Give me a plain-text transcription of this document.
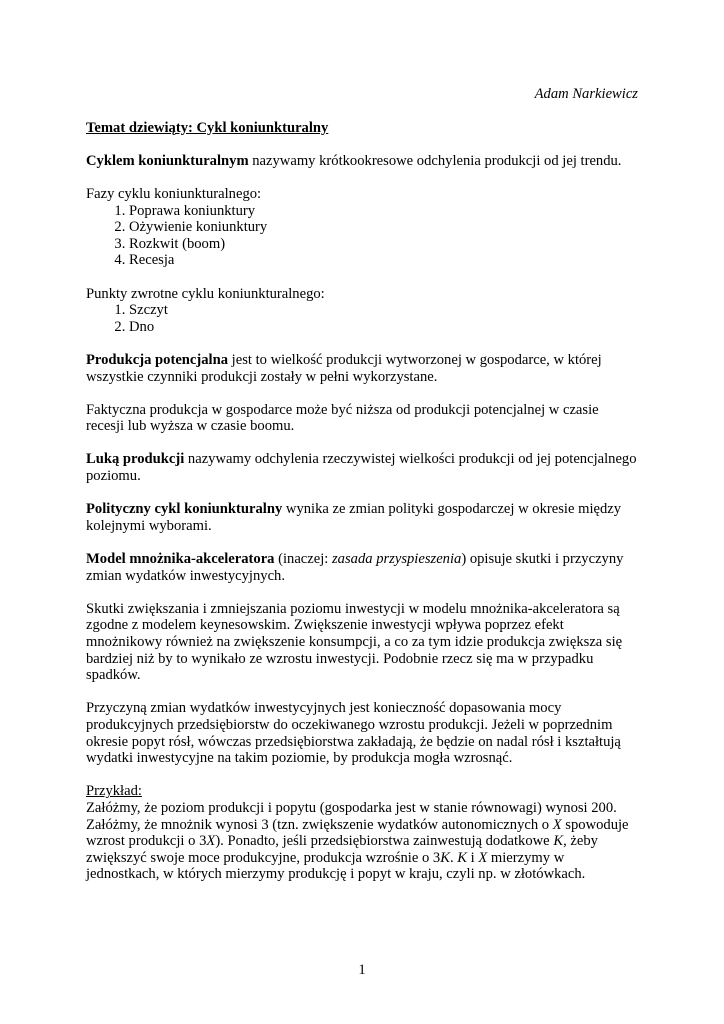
Adam Narkiewicz

Temat dziewiąty: Cykl koniunkturalny

Cyklem koniunkturalnym nazywamy krótkookresowe odchylenia produkcji od jej trendu.

Fazy cyklu koniunkturalnego:
1. Poprawa koniunktury
2. Ożywienie koniunktury
3. Rozkwit (boom)
4. Recesja
Punkty zwrotne cyklu koniunkturalnego:
1. Szczyt
2. Dno

Produkcja potencjalna jest to wielkość produkcji wytworzonej w gospodarce, w której wszystkie czynniki produkcji zostały w pełni wykorzystane.

Faktyczna produkcja w gospodarce może być niższa od produkcji potencjalnej w czasie recesji lub wyższa w czasie boomu.

Luką produkcji nazywamy odchylenia rzeczywistej wielkości produkcji od jej potencjalnego poziomu.

Polityczny cykl koniunkturalny wynika ze zmian polityki gospodarczej w okresie między kolejnymi wyborami.

Model mnożnika-akceleratora (inaczej: zasada przyspieszenia) opisuje skutki i przyczyny zmian wydatków inwestycyjnych.

Skutki zwiększania i zmniejszania poziomu inwestycji w modelu mnożnika-akceleratora są zgodne z modelem keynesowskim. Zwiększenie inwestycji wpływa poprzez efekt mnożnikowy również na zwiększenie konsumpcji, a co za tym idzie produkcja zwiększa się bardziej niż by to wynikało ze wzrostu inwestycji. Podobnie rzecz się ma w przypadku spadków.

Przyczyną zmian wydatków inwestycyjnych jest konieczność dopasowania mocy produkcyjnych przedsiębiorstw do oczekiwanego wzrostu produkcji. Jeżeli w poprzednim okresie popyt rósł, wówczas przedsiębiorstwa zakładają, że będzie on nadal rósł i kształtują wydatki inwestycyjne na takim poziomie, by produkcja mogła wzrosnąć.

Przykład:
Załóżmy, że poziom produkcji i popytu (gospodarka jest w stanie równowagi) wynosi 200.
Załóżmy, że mnożnik wynosi 3 (tzn. zwiększenie wydatków autonomicznych o X spowoduje wzrost produkcji o 3X). Ponadto, jeśli przedsiębiorstwa zainwestują dodatkowe K, żeby zwiększyć swoje moce produkcyjne, produkcja wzrośnie o 3K. K i X mierzymy w jednostkach, w których mierzymy produkcję i popyt w kraju, czyli np. w złotówkach.
1
